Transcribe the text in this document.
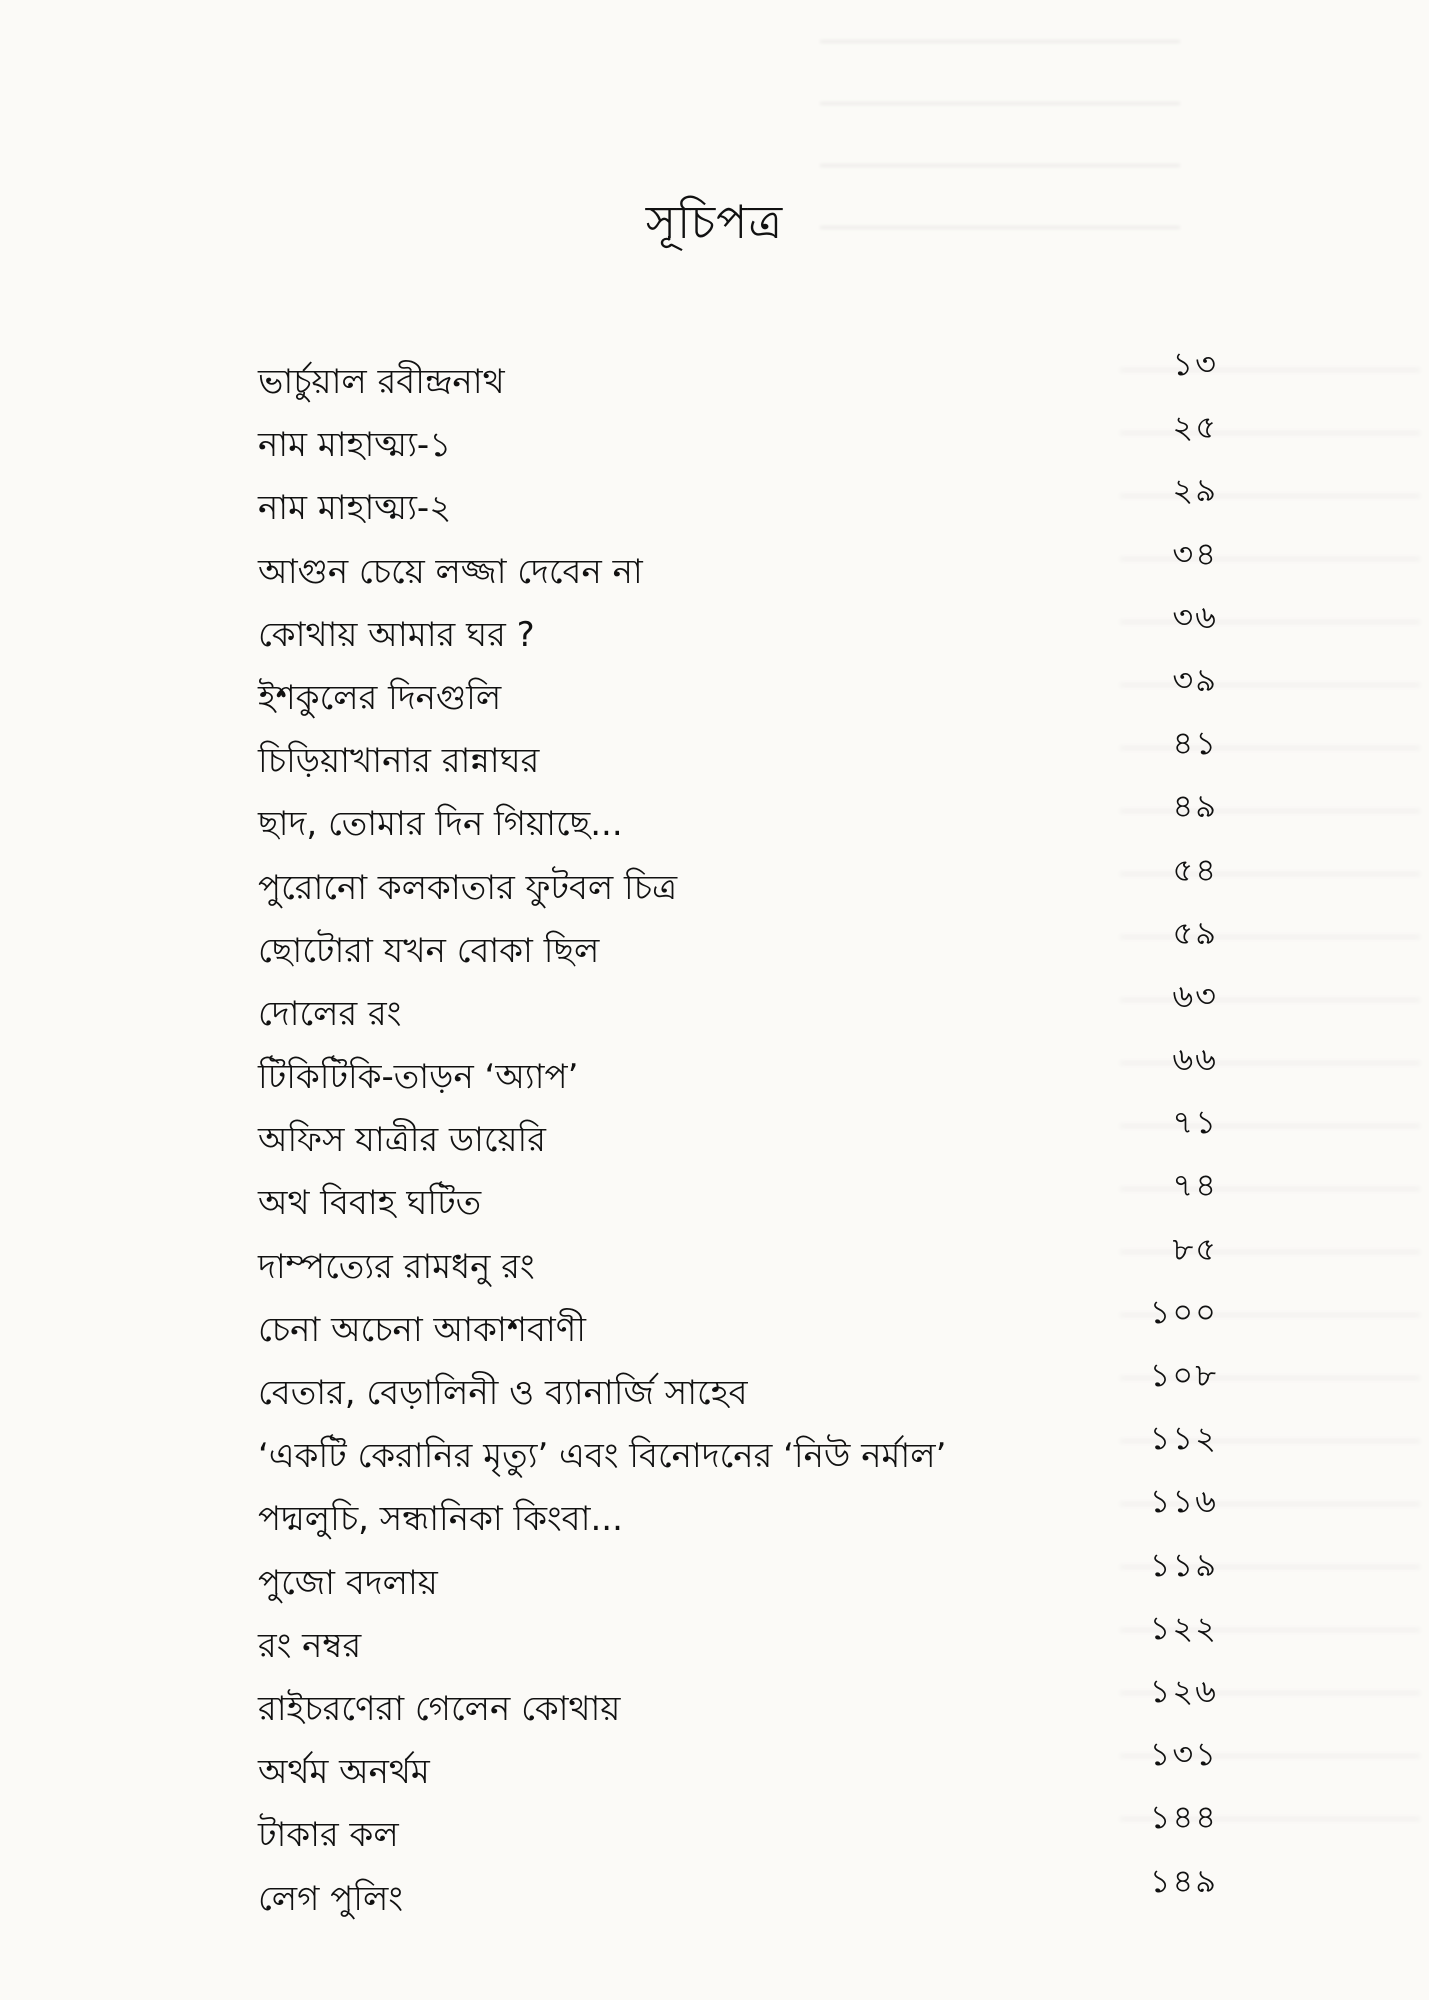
সূচিপত্র
ভার্চুয়াল রবীন্দ্রনাথ	১৩
নাম মাহাত্ম্য-১	২৫
নাম মাহাত্ম্য-২	২৯
আগুন চেয়ে লজ্জা দেবেন না	৩৪
কোথায় আমার ঘর ?	৩৬
ইশকুলের দিনগুলি	৩৯
চিড়িয়াখানার রান্নাঘর	৪১
ছাদ, তোমার দিন গিয়াছে...	৪৯
পুরোনো কলকাতার ফুটবল চিত্র	৫৪
ছোটোরা যখন বোকা ছিল	৫৯
দোলের রং	৬৩
টিকিটিকি-তাড়ন ‘অ্যাপ’	৬৬
অফিস যাত্রীর ডায়েরি	৭১
অথ বিবাহ ঘটিত	৭৪
দাম্পত্যের রামধনু রং	৮৫
চেনা অচেনা আকাশবাণী	১০০
বেতার, বেড়ালিনী ও ব্যানার্জি সাহেব	১০৮
‘একটি কেরানির মৃত্যু’ এবং বিনোদনের ‘নিউ নর্মাল’	১১২
পদ্মলুচি, সন্ধানিকা কিংবা...	১১৬
পুজো বদলায়	১১৯
রং নম্বর	১২২
রাইচরণেরা গেলেন কোথায়	১২৬
অর্থম অনর্থম	১৩১
টাকার কল	১৪৪
লেগ পুলিং	১৪৯
